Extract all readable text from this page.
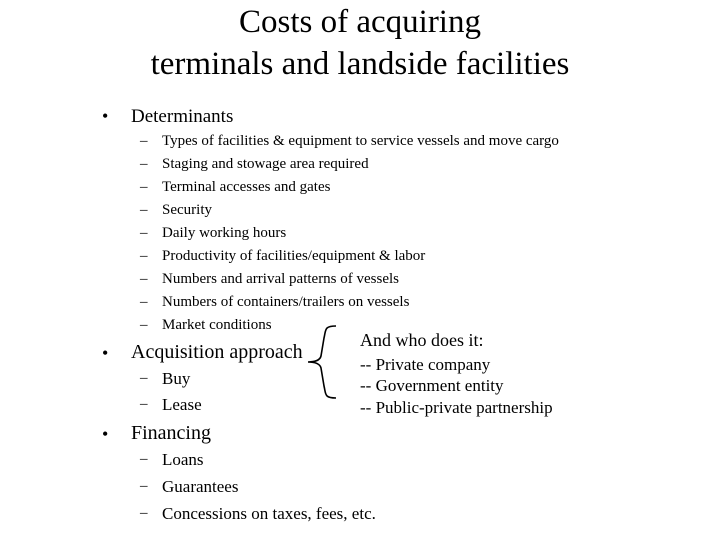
Costs of acquiring
terminals and landside facilities
• Determinants
– Types of facilities & equipment to service vessels and move cargo
– Staging and stowage area required
– Terminal accesses and gates
– Security
– Daily working hours
– Productivity of facilities/equipment & labor
– Numbers and arrival patterns of vessels
– Numbers of containers/trailers on vessels
– Market conditions
• Acquisition approach
– Buy
– Lease
And who does it:
-- Private company
-- Government entity
-- Public-private partnership
• Financing
– Loans
– Guarantees
– Concessions on taxes, fees, etc.
